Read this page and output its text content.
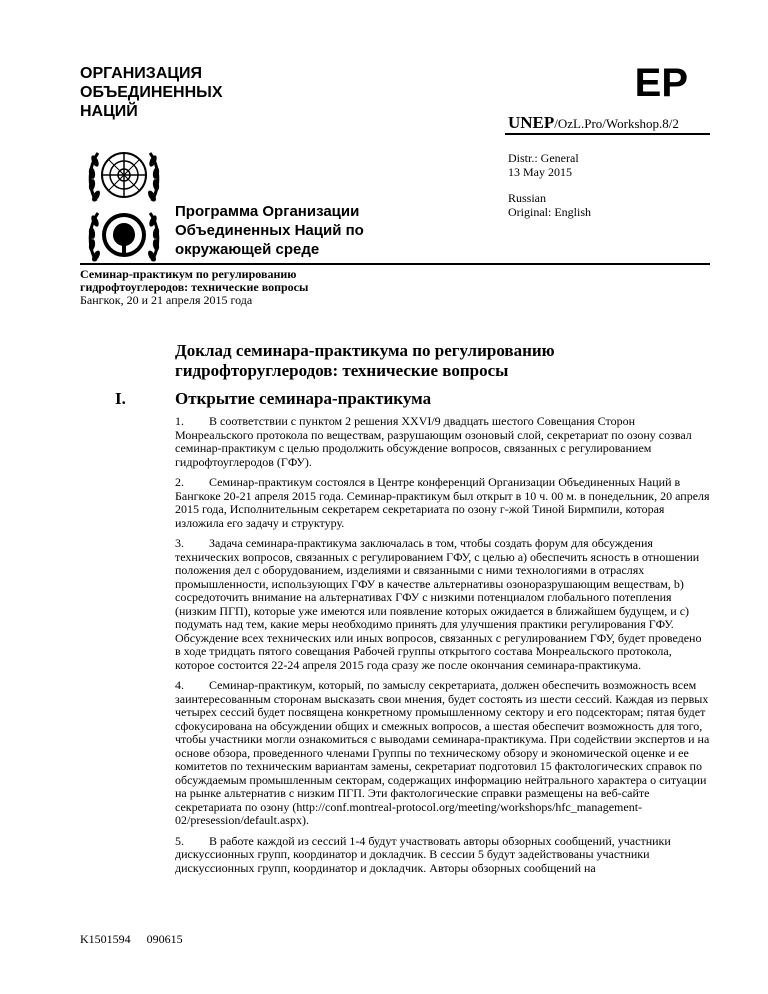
ОРГАНИЗАЦИЯ
ОБЪЕДИНЕННЫХ
НАЦИЙ
EP
UNEP/OzL.Pro/Workshop.8/2
Distr.: General
13 May 2015
Russian
Original: English
Программа Организации
Объединенных Наций по
окружающей среде
Семинар-практикум по регулированию
гидрофтоуглеродов: технические вопросы
Бангкок, 20 и 21 апреля 2015 года
Доклад семинара-практикума по регулированию
гидрофторуглеродов: технические вопросы
I.	Открытие семинара-практикума

1. В соответствии с пунктом 2 решения XXVI/9 двадцать шестого Совещания Сторон Монреальского протокола по веществам, разрушающим озоновый слой, секретариат по озону созвал семинар-практикум с целью продолжить обсуждение вопросов, связанных с регулированием гидрофтоуглеродов (ГФУ).

2. Семинар-практикум состоялся в Центре конференций Организации Объединенных Наций в Бангкоке 20-21 апреля 2015 года. Семинар-практикум был открыт в 10 ч. 00 м. в понедельник, 20 апреля 2015 года, Исполнительным секретарем секретариата по озону г-жой Тиной Бирмпили, которая изложила его задачу и структуру.

3. Задача семинара-практикума заключалась в том, чтобы создать форум для обсуждения технических вопросов, связанных с регулированием ГФУ, с целью а) обеспечить ясность в отношении положения дел с оборудованием, изделиями и связанными с ними технологиями в отраслях промышленности, использующих ГФУ в качестве альтернативы озоноразрушающим веществам, b) сосредоточить внимание на альтернативах ГФУ с низкими потенциалом глобального потепления (низким ПГП), которые уже имеются или появление которых ожидается в ближайшем будущем, и с) подумать над тем, какие меры необходимо принять для улучшения практики регулирования ГФУ. Обсуждение всех технических или иных вопросов, связанных с регулированием ГФУ, будет проведено в ходе тридцать пятого совещания Рабочей группы открытого состава Монреальского протокола, которое состоится 22-24 апреля 2015 года сразу же после окончания семинара-практикума.

4. Семинар-практикум, который, по замыслу секретариата, должен обеспечить возможность всем заинтересованным сторонам высказать свои мнения, будет состоять из шести сессий. Каждая из первых четырех сессий будет посвящена конкретному промышленному сектору и его подсекторам; пятая будет сфокусирована на обсуждении общих и смежных вопросов, а шестая обеспечит возможность для того, чтобы участники могли ознакомиться с выводами семинара-практикума. При содействии экспертов и на основе обзора, проведенного членами Группы по техническому обзору и экономической оценке и ее комитетов по техническим вариантам замены, секретариат подготовил 15 фактологических справок по обсуждаемым промышленным секторам, содержащих информацию нейтрального характера о ситуации на рынке альтернатив с низким ПГП. Эти фактологические справки размещены на веб-сайте секретариата по озону (http://conf.montreal-protocol.org/meeting/workshops/hfc_management-02/presession/default.aspx).

5. В работе каждой из сессий 1-4 будут участвовать авторы обзорных сообщений, участники дискуссионных групп, координатор и докладчик. В сессии 5 будут задействованы участники дискуссионных групп, координатор и докладчик. Авторы обзорных сообщений на

K1501594 090615
